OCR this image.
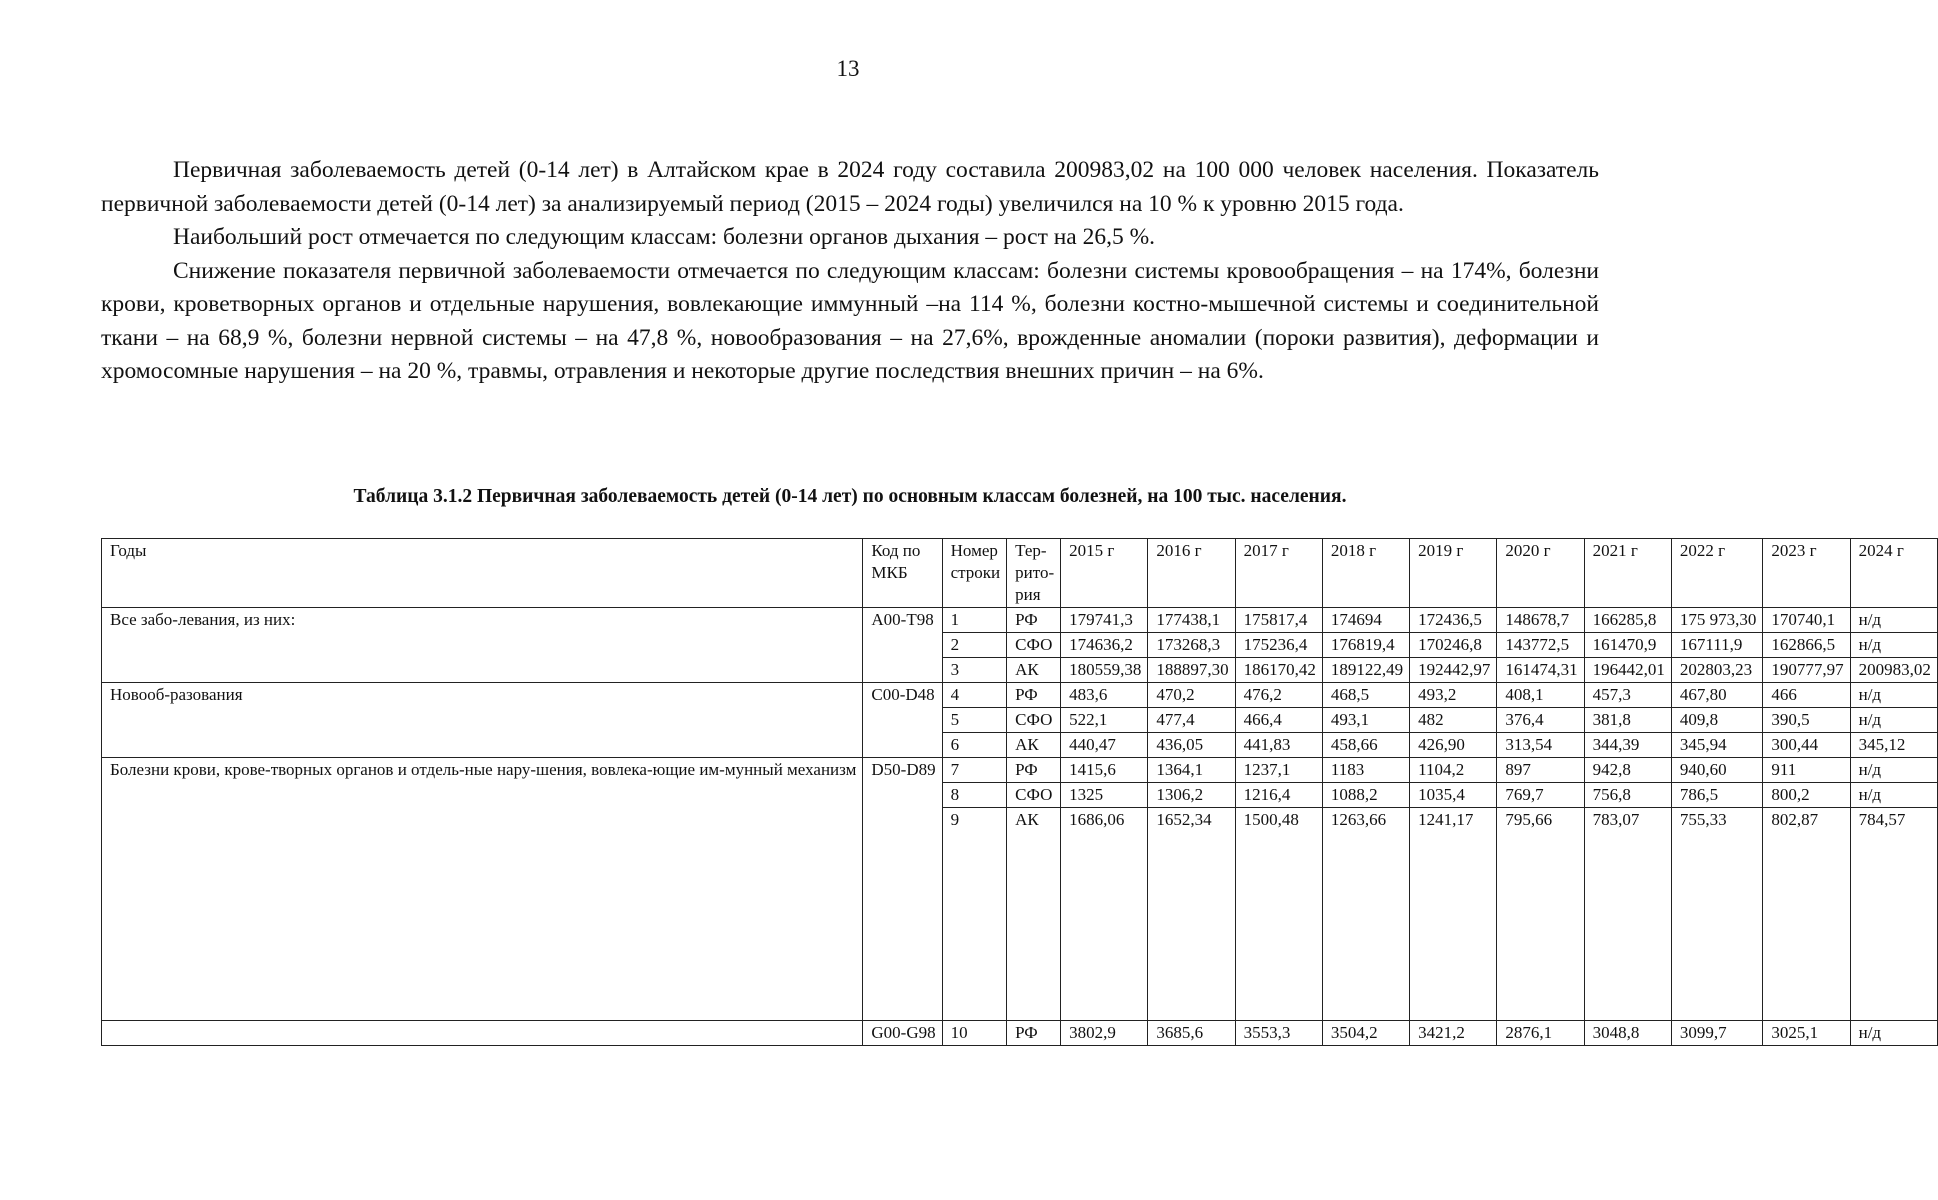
13

Первичная заболеваемость детей (0-14 лет) в Алтайском крае в 2024 году составила 200983,02 на 100 000 человек населения. Показатель первичной заболеваемости детей (0-14 лет) за анализируемый период (2015 – 2024 годы) увеличился на 10 % к уровню 2015 года.

Наибольший рост отмечается по следующим классам: болезни органов дыхания – рост на 26,5 %.

Снижение показателя первичной заболеваемости отмечается по следующим классам: болезни системы кровообращения – на 174%, болезни крови, кроветворных органов и отдельные нарушения, вовлекающие иммунный –на 114 %, болезни костно-мышечной системы и соединительной ткани – на 68,9 %, болезни нервной системы – на 47,8 %, новообразования – на 27,6%, врожденные аномалии (пороки развития), деформации и хромосомные нарушения – на 20 %, травмы, отравления и некоторые другие последствия внешних причин – на 6%.

Таблица 3.1.2 Первичная заболеваемость детей (0-14 лет) по основным классам болезней, на 100 тыс. населения.
Годы	Код по МКБ	Номер строки	Тер-рито-рия	2015 г	2016 г	2017 г	2018 г	2019 г	2020 г	2021 г	2022 г	2023 г	2024 г
Все забо-левания, из них:	A00-T98	1	РФ	179741,3	177438,1	175817,4	174694	172436,5	148678,7	166285,8	175 973,30	170740,1	н/д
		2	СФО	174636,2	173268,3	175236,4	176819,4	170246,8	143772,5	161470,9	167111,9	162866,5	н/д
		3	АК	180559,38	188897,30	186170,42	189122,49	192442,97	161474,31	196442,01	202803,23	190777,97	200983,02
Новооб-разования	C00-D48	4	РФ	483,6	470,2	476,2	468,5	493,2	408,1	457,3	467,80	466	н/д
		5	СФО	522,1	477,4	466,4	493,1	482	376,4	381,8	409,8	390,5	н/д
		6	АК	440,47	436,05	441,83	458,66	426,90	313,54	344,39	345,94	300,44	345,12
Болезни крови, крове-творных органов и отдель-ные нару-шения, вовлека-ющие им-мунный механизм	D50-D89	7	РФ	1415,6	1364,1	1237,1	1183	1104,2	897	942,8	940,60	911	н/д
		8	СФО	1325	1306,2	1216,4	1088,2	1035,4	769,7	756,8	786,5	800,2	н/д
		9	АК	1686,06	1652,34	1500,48	1263,66	1241,17	795,66	783,07	755,33	802,87	784,57
	G00-G98	10	РФ	3802,9	3685,6	3553,3	3504,2	3421,2	2876,1	3048,8	3099,7	3025,1	н/д
